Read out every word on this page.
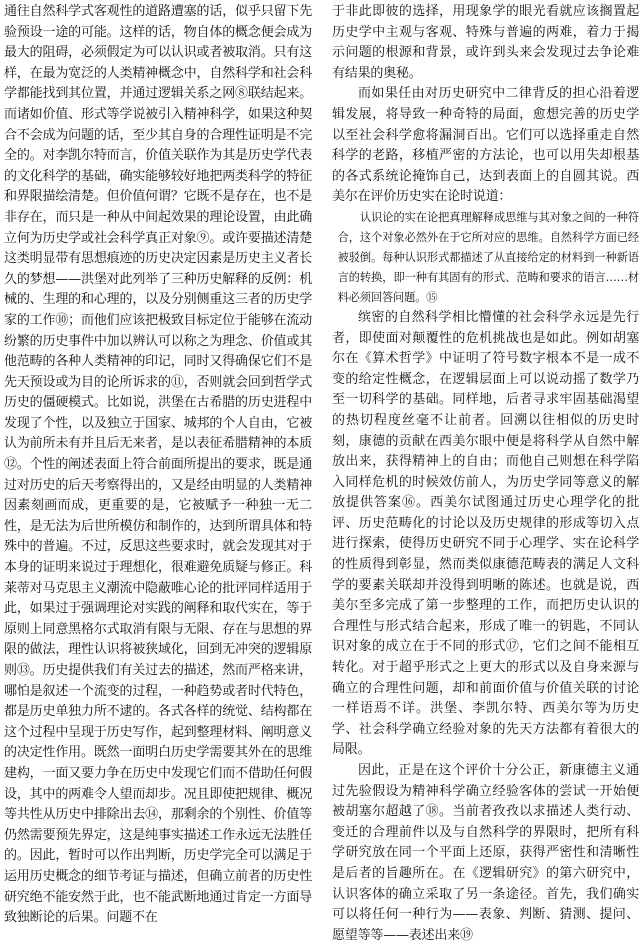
通往自然科学式客观性的道路遭塞的话，似乎只留下先验预设一途的可能。这样的话，物自体的概念便会成为最大的阻碍，必须假定为可以认识或者被取消。只有这样，在最为宽泛的人类精神概念中，自然科学和社会科学都能找到其位置，并通过逻辑关系之网⑧联结起来。而诸如价值、形式等学说被引入精神科学，如果这种契合不会成为问题的话，至少其自身的合理性证明是不完全的。对李凯尔特而言，价值关联作为其是历史学代表的文化科学的基础，确实能够较好地把两类科学的特征和界限描绘清楚。但价值何谓？它既不是存在，也不是非存在，而只是一种从中间起效果的理论设置，由此确立何为历史学或社会科学真正对象⑨。或许要描述清楚这类明显带有思想痕迹的历史决定因素是历史主义者长久的梦想——洪堡对此列举了三种历史解释的反例：机械的、生理的和心理的，以及分别侧重这三者的历史学家的工作⑩；而他们应该把极致目标定位于能够在流动纷繁的历史事件中加以辨认可以称之为理念、价值或其他范畴的各种人类精神的印记，同时又得确保它们不是先天预设或为目的论所诉求的⑪，否则就会回到哲学式历史的僵硬模式。比如说，洪堡在古希腊的历史进程中发现了个性，以及独立于国家、城邦的个人自由，它被认为前所未有并且后无来者，是以表征希腊精神的本质⑫。个性的阐述表面上符合前面所提出的要求，既是通过对历史的后天考察得出的，又是经由明显的人类精神因素刻画而成，更重要的是，它被赋予一种独一无二性，是无法为后世所模仿和制作的，达到所谓具体和特殊中的普遍。不过，反思这些要求时，就会发现其对于本身的证明来说过于理想化，很难避免质疑与修正。科莱蒂对马克思主义潮流中隐蔽唯心论的批评同样适用于此，如果过于强调理论对实践的阐释和取代实在，等于原则上同意黑格尔式取消有限与无限、存在与思想的界限的做法，理性认识将被狭域化，回到无冲突的逻辑原则⑬。历史提供我们有关过去的描述，然而严格来讲，哪怕是叙述一个流变的过程，一种趋势或者时代特色，都是历史单独力所不逮的。各式各样的统觉、结构都在这个过程中呈现于历史写作，起到整理材料、阐明意义的决定性作用。既然一面明白历史学需要其外在的思维建构，一面又要力争在历史中发现它们而不借助任何假设，其中的两难令人望而却步。况且即使把规律、概况等共性从历史中排除出去⑭，那剩余的个别性、价值等仍然需要预先界定，这是纯事实描述工作永远无法胜任的。因此，暂时可以作出判断，历史学完全可以满足于运用历史概念的细节考证与描述，但确立前者的历史性研究绝不能安然于此，也不能武断地通过肯定一方面导致独断论的后果。问题不在

于非此即彼的选择，用现象学的眼光看就应该搁置起历史学中主观与客观、特殊与普遍的两难，着力于揭示问题的根源和背景，或许到头来会发现过去争论难有结果的奥秘。

而如果任由对历史研究中二律背反的担心沿着逻辑发展，将导致一种奇特的局面，愈想完善的历史学以至社会科学愈将漏洞百出。它们可以选择重走自然科学的老路，移植严密的方法论，也可以用失却根基的各式系统论掩饰自己，达到表面上的自圆其说。西美尔在评价历史实在论时说道：

认识论的实在论把真理解释成思维与其对象之间的一种符合，这个对象必然外在于它所对应的思维。自然科学方面已经被驳倒。每种认识形式都描述了从直接给定的材料到一种新语言的转换，即一种有其固有的形式、范畴和要求的语言……材料必须回答问题。⑮

缤密的自然科学相比懵懂的社会科学永远是先行者，即使面对颠覆性的危机挑战也是如此。例如胡塞尔在《算术哲学》中证明了符号数字根本不是一成不变的给定性概念，在逻辑层面上可以说动摇了数学乃至一切科学的基础。同样地，后者寻求牢固基础渴望的热切程度丝毫不让前者。回溯以往相似的历史时刻，康德的贡献在西美尔眼中便是将科学从自然中解放出来，获得精神上的自由；而他自己则想在科学陷入同样危机的时候效仿前人，为历史学同等意义的解放提供答案⑯。西美尔试图通过历史心理学化的批评、历史范畴化的讨论以及历史规律的形成等切入点进行探索，使得历史研究不同于心理学、实在论科学的性质得到彰显，然而类似康德范畴表的满足人文科学的要素关联却并没得到明晰的陈述。也就是说，西美尔至多完成了第一步整理的工作，而把历史认识的合理性与形式结合起来，形成了唯一的钥匙，不同认识对象的成立在于不同的形式⑰，它们之间不能相互转化。对于超乎形式之上更大的形式以及自身来源与确立的合理性问题，却和前面价值与价值关联的讨论一样语焉不详。洪堡、李凯尔特、西美尔等为历史学、社会科学确立经验对象的先天方法都有着很大的局限。

因此，正是在这个评价十分公正，新康德主义通过先验假设为精神科学确立经验客体的尝试一开始便被胡塞尔超越了⑱。当前者孜孜以求描述人类行动、变迁的合理前件以及与自然科学的界限时，把所有科学研究放在同一个平面上还原，获得严密性和清晰性是后者的旨趣所在。在《逻辑研究》的第六研究中，认识客体的确立采取了另一条途径。首先，我们确实可以将任何一种行为——表象、判断、猜测、提问、愿望等等——表述出来⑲
